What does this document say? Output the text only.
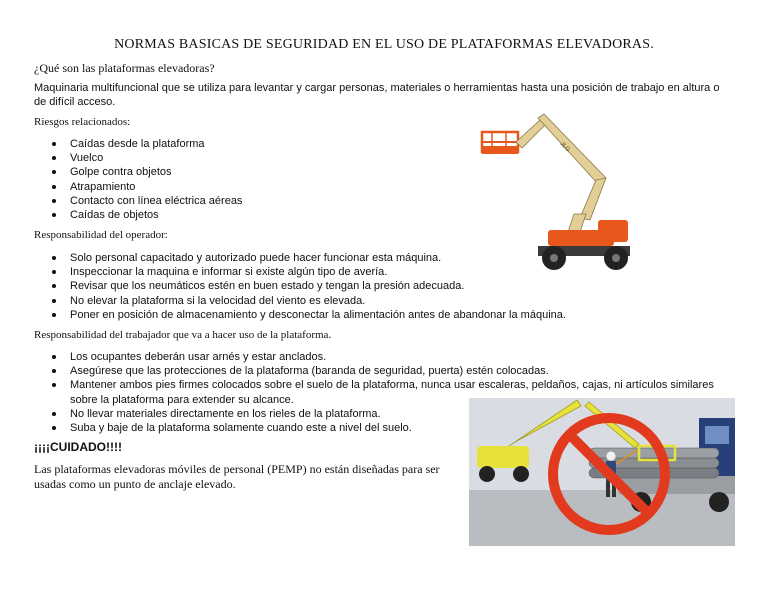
NORMAS BASICAS DE SEGURIDAD EN EL USO DE PLATAFORMAS ELEVADORAS.
¿Qué son las plataformas elevadoras?
Maquinaria multifuncional que se utiliza para levantar y cargar personas, materiales o herramientas hasta una posición de trabajo en altura o de difícil acceso.
Riesgos relacionados:
Caídas desde la plataforma
Vuelco
Golpe contra objetos
Atrapamiento
Contacto con línea eléctrica aéreas
Caídas de objetos
Responsabilidad del operador:
Solo personal capacitado y autorizado puede hacer funcionar esta máquina.
Inspeccionar la maquina e informar si existe algún tipo de avería.
Revisar que los neumáticos estén en buen estado y tengan la presión adecuada.
No elevar la plataforma si la velocidad del viento es elevada.
Poner en posición de almacenamiento y desconectar la alimentación antes de abandonar la máquina.
Responsabilidad del trabajador que va a hacer uso de la plataforma.
Los ocupantes deberán usar arnés y estar anclados.
Asegúrese que las protecciones de la plataforma (baranda de seguridad, puerta) estén colocadas.
Mantener ambos pies firmes colocados sobre el suelo de la plataforma, nunca usar escaleras, peldaños, cajas, ni artículos similares sobre la plataforma para extender su alcance.
No llevar materiales directamente en los rieles de la plataforma.
Suba y baje de la plataforma solamente cuando este a nivel del suelo.
¡¡¡¡CUIDADO!!!!
Las plataformas elevadoras móviles de personal (PEMP) no están diseñadas para ser usadas como un punto de anclaje elevado.
JLG
